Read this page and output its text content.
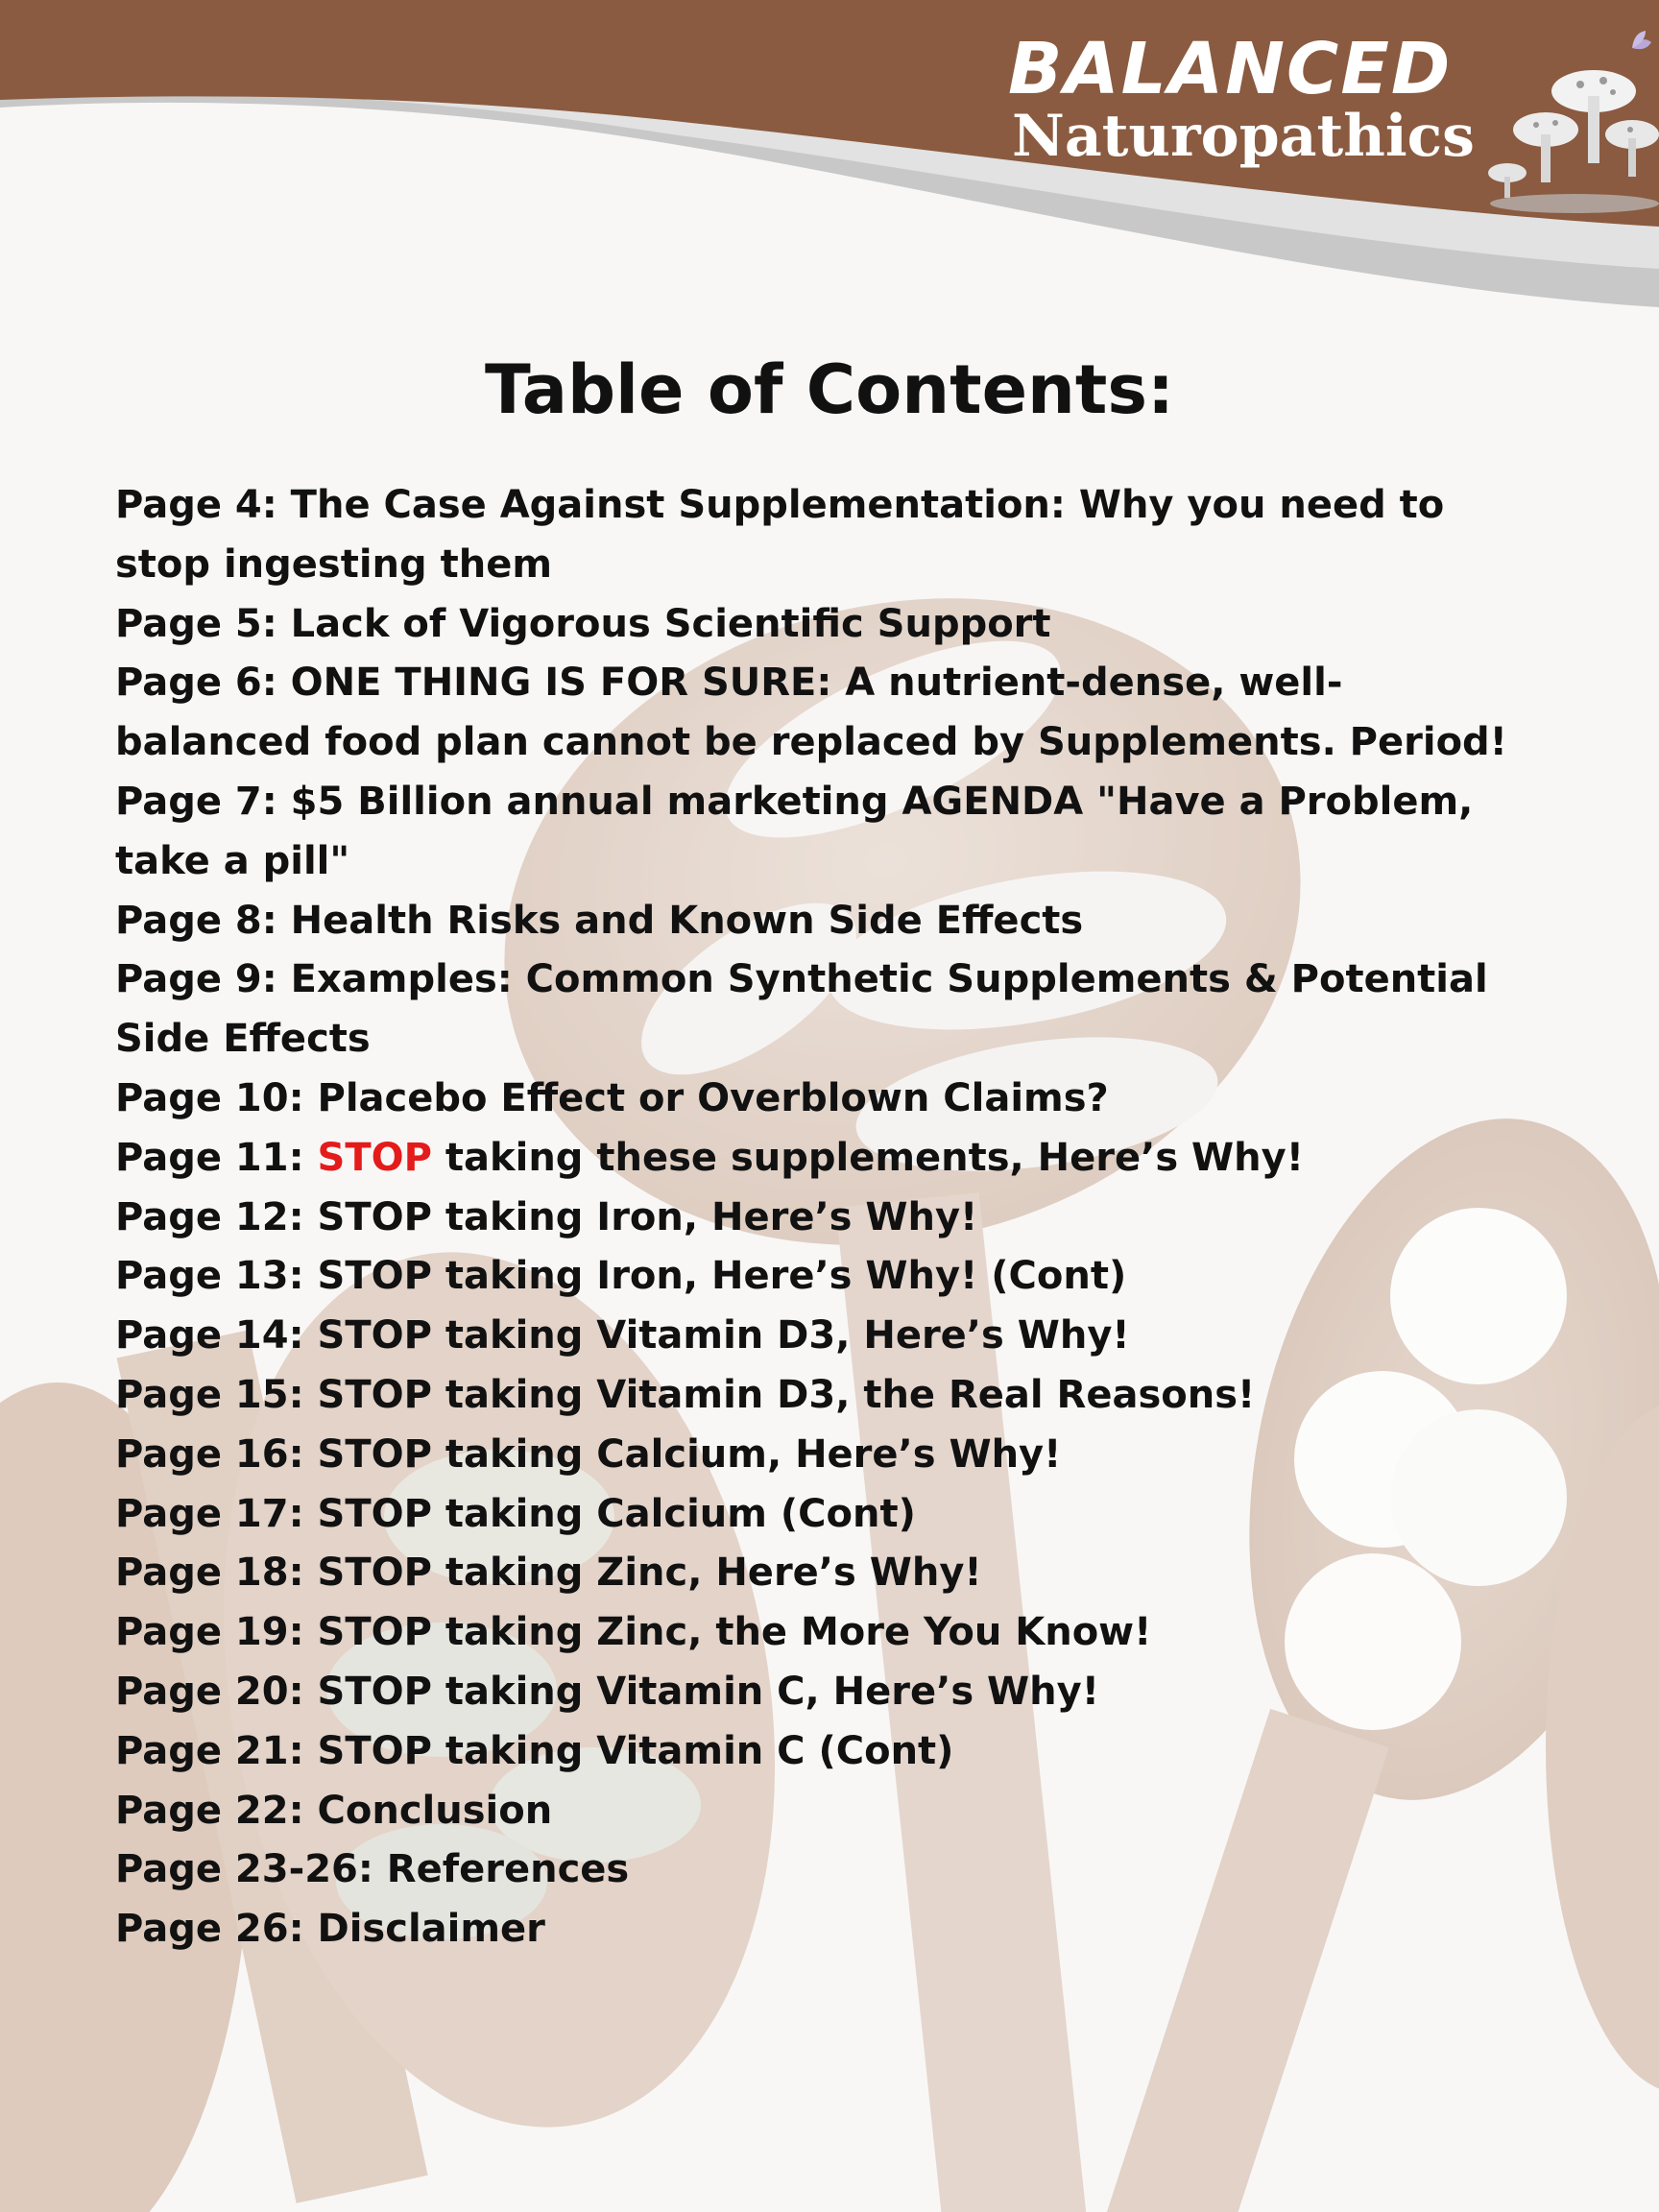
BALANCED
Naturopathics
Table of Contents:
Page 4: The Case Against Supplementation: Why you need to
stop ingesting them
Page 5: Lack of Vigorous Scientific Support
Page 6: ONE THING IS FOR SURE: A nutrient-dense, well-
balanced food plan cannot be replaced by Supplements. Period!
Page 7: $5 Billion annual marketing AGENDA "Have a Problem,
take a pill"
Page 8: Health Risks and Known Side Effects
Page 9: Examples: Common Synthetic Supplements & Potential
Side Effects
Page 10: Placebo Effect or Overblown Claims?
Page 11: STOP taking these supplements, Here’s Why!
Page 12: STOP taking Iron, Here’s Why!
Page 13: STOP taking Iron, Here’s Why! (Cont)
Page 14: STOP taking Vitamin D3, Here’s Why!
Page 15: STOP taking Vitamin D3, the Real Reasons!
Page 16: STOP taking Calcium, Here’s Why!
Page 17: STOP taking Calcium (Cont)
Page 18: STOP taking Zinc, Here’s Why!
Page 19: STOP taking Zinc, the More You Know!
Page 20: STOP taking Vitamin C, Here’s Why!
Page 21: STOP taking Vitamin C (Cont)
Page 22: Conclusion
Page 23-26: References
Page 26: Disclaimer
